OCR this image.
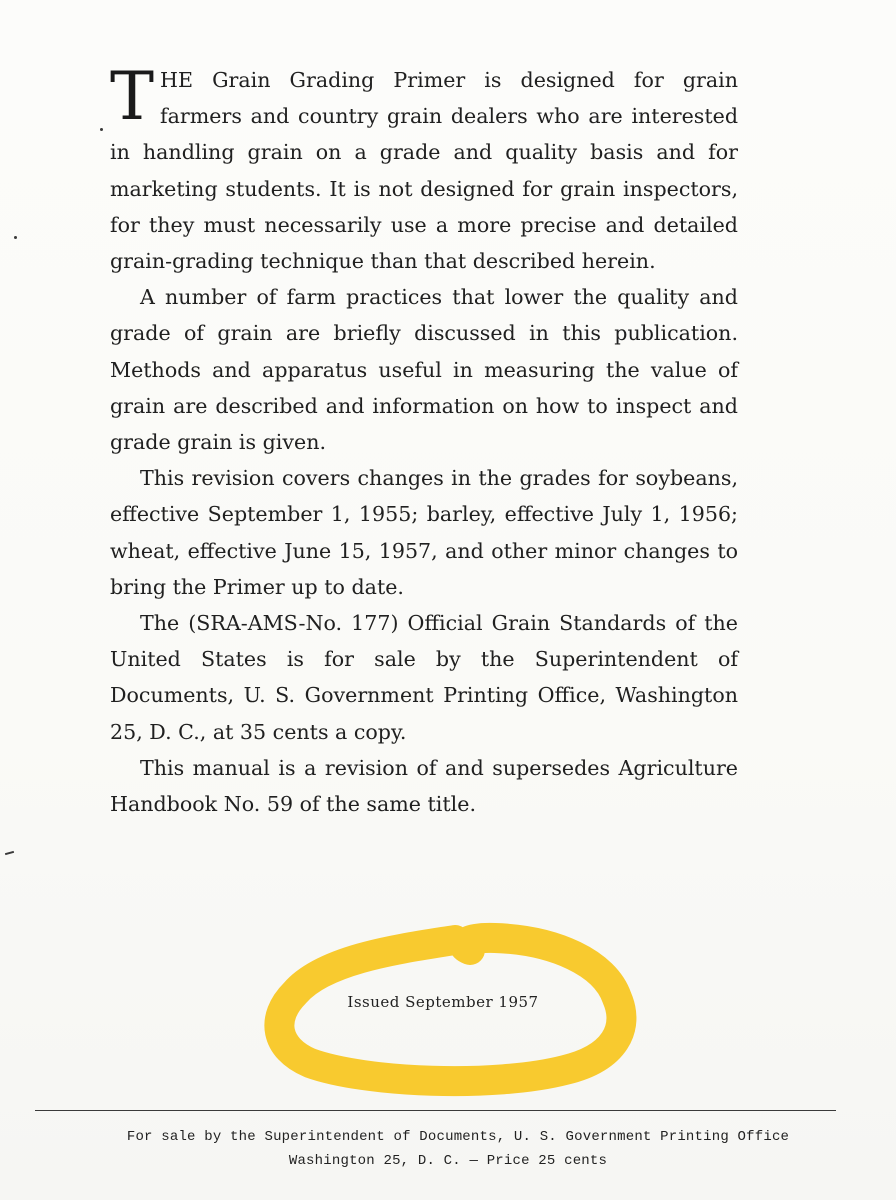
THE Grain Grading Primer is designed for grain farmers and country grain dealers who are interested in handling grain on a grade and quality basis and for marketing students. It is not designed for grain inspectors, for they must necessarily use a more precise and detailed grain-grading technique than that described herein.

A number of farm practices that lower the quality and grade of grain are briefly discussed in this publication. Methods and apparatus useful in measuring the value of grain are described and information on how to inspect and grade grain is given.

This revision covers changes in the grades for soybeans, effective September 1, 1955; barley, effective July 1, 1956; wheat, effective June 15, 1957, and other minor changes to bring the Primer up to date.

The (SRA-AMS-No. 177) Official Grain Standards of the United States is for sale by the Superintendent of Documents, U. S. Government Printing Office, Washington 25, D. C., at 35 cents a copy.

This manual is a revision of and supersedes Agriculture Handbook No. 59 of the same title.

Issued September 1957
For sale by the Superintendent of Documents, U. S. Government Printing Office
Washington 25, D. C. — Price 25 cents
